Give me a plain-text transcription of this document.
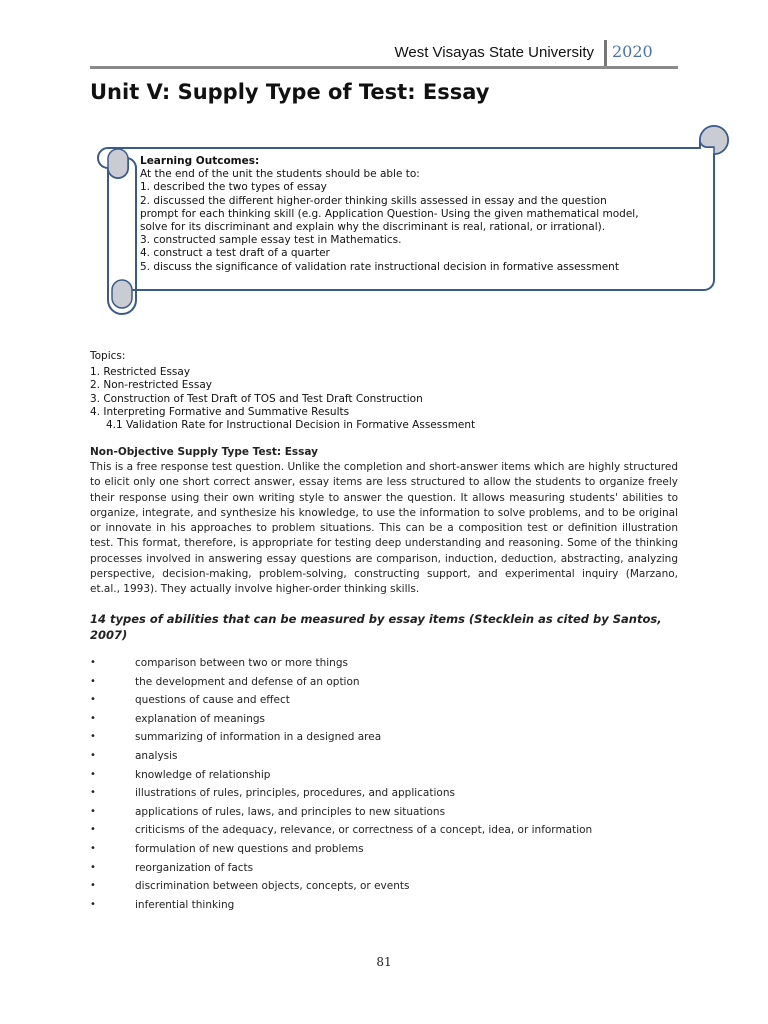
West Visayas State University 2020
Unit V: Supply Type of Test: Essay
Learning Outcomes:
At the end of the unit the students should be able to:
1. described the two types of essay
2. discussed the different higher-order thinking skills assessed in essay and the question
prompt for each thinking skill (e.g. Application Question- Using the given mathematical model,
solve for its discriminant and explain why the discriminant is real, rational, or irrational).
3. constructed sample essay test in Mathematics.
4. construct a test draft of a quarter
5. discuss the significance of validation rate instructional decision in formative assessment
Topics:
1. Restricted Essay
2. Non-restricted Essay
3. Construction of Test Draft of TOS and Test Draft Construction
4. Interpreting Formative and Summative Results
4.1 Validation Rate for Instructional Decision in Formative Assessment
Non-Objective Supply Type Test: Essay
This is a free response test question. Unlike the completion and short-answer items which are highly structured to elicit only one short correct answer, essay items are less structured to allow the students to organize freely their response using their own writing style to answer the question. It allows measuring students' abilities to organize, integrate, and synthesize his knowledge, to use the information to solve problems, and to be original or innovate in his approaches to problem situations. This can be a composition test or definition illustration test. This format, therefore, is appropriate for testing deep understanding and reasoning. Some of the thinking processes involved in answering essay questions are comparison, induction, deduction, abstracting, analyzing perspective, decision-making, problem-solving, constructing support, and experimental inquiry (Marzano, et.al., 1993). They actually involve higher-order thinking skills.
14 types of abilities that can be measured by essay items (Stecklein as cited by Santos, 2007)
•	comparison between two or more things
•	the development and defense of an option
•	questions of cause and effect
•	explanation of meanings
•	summarizing of information in a designed area
•	analysis
•	knowledge of relationship
•	illustrations of rules, principles, procedures, and applications
•	applications of rules, laws, and principles to new situations
•	criticisms of the adequacy, relevance, or correctness of a concept, idea, or information
•	formulation of new questions and problems
•	reorganization of facts
•	discrimination between objects, concepts, or events
•	inferential thinking
81
